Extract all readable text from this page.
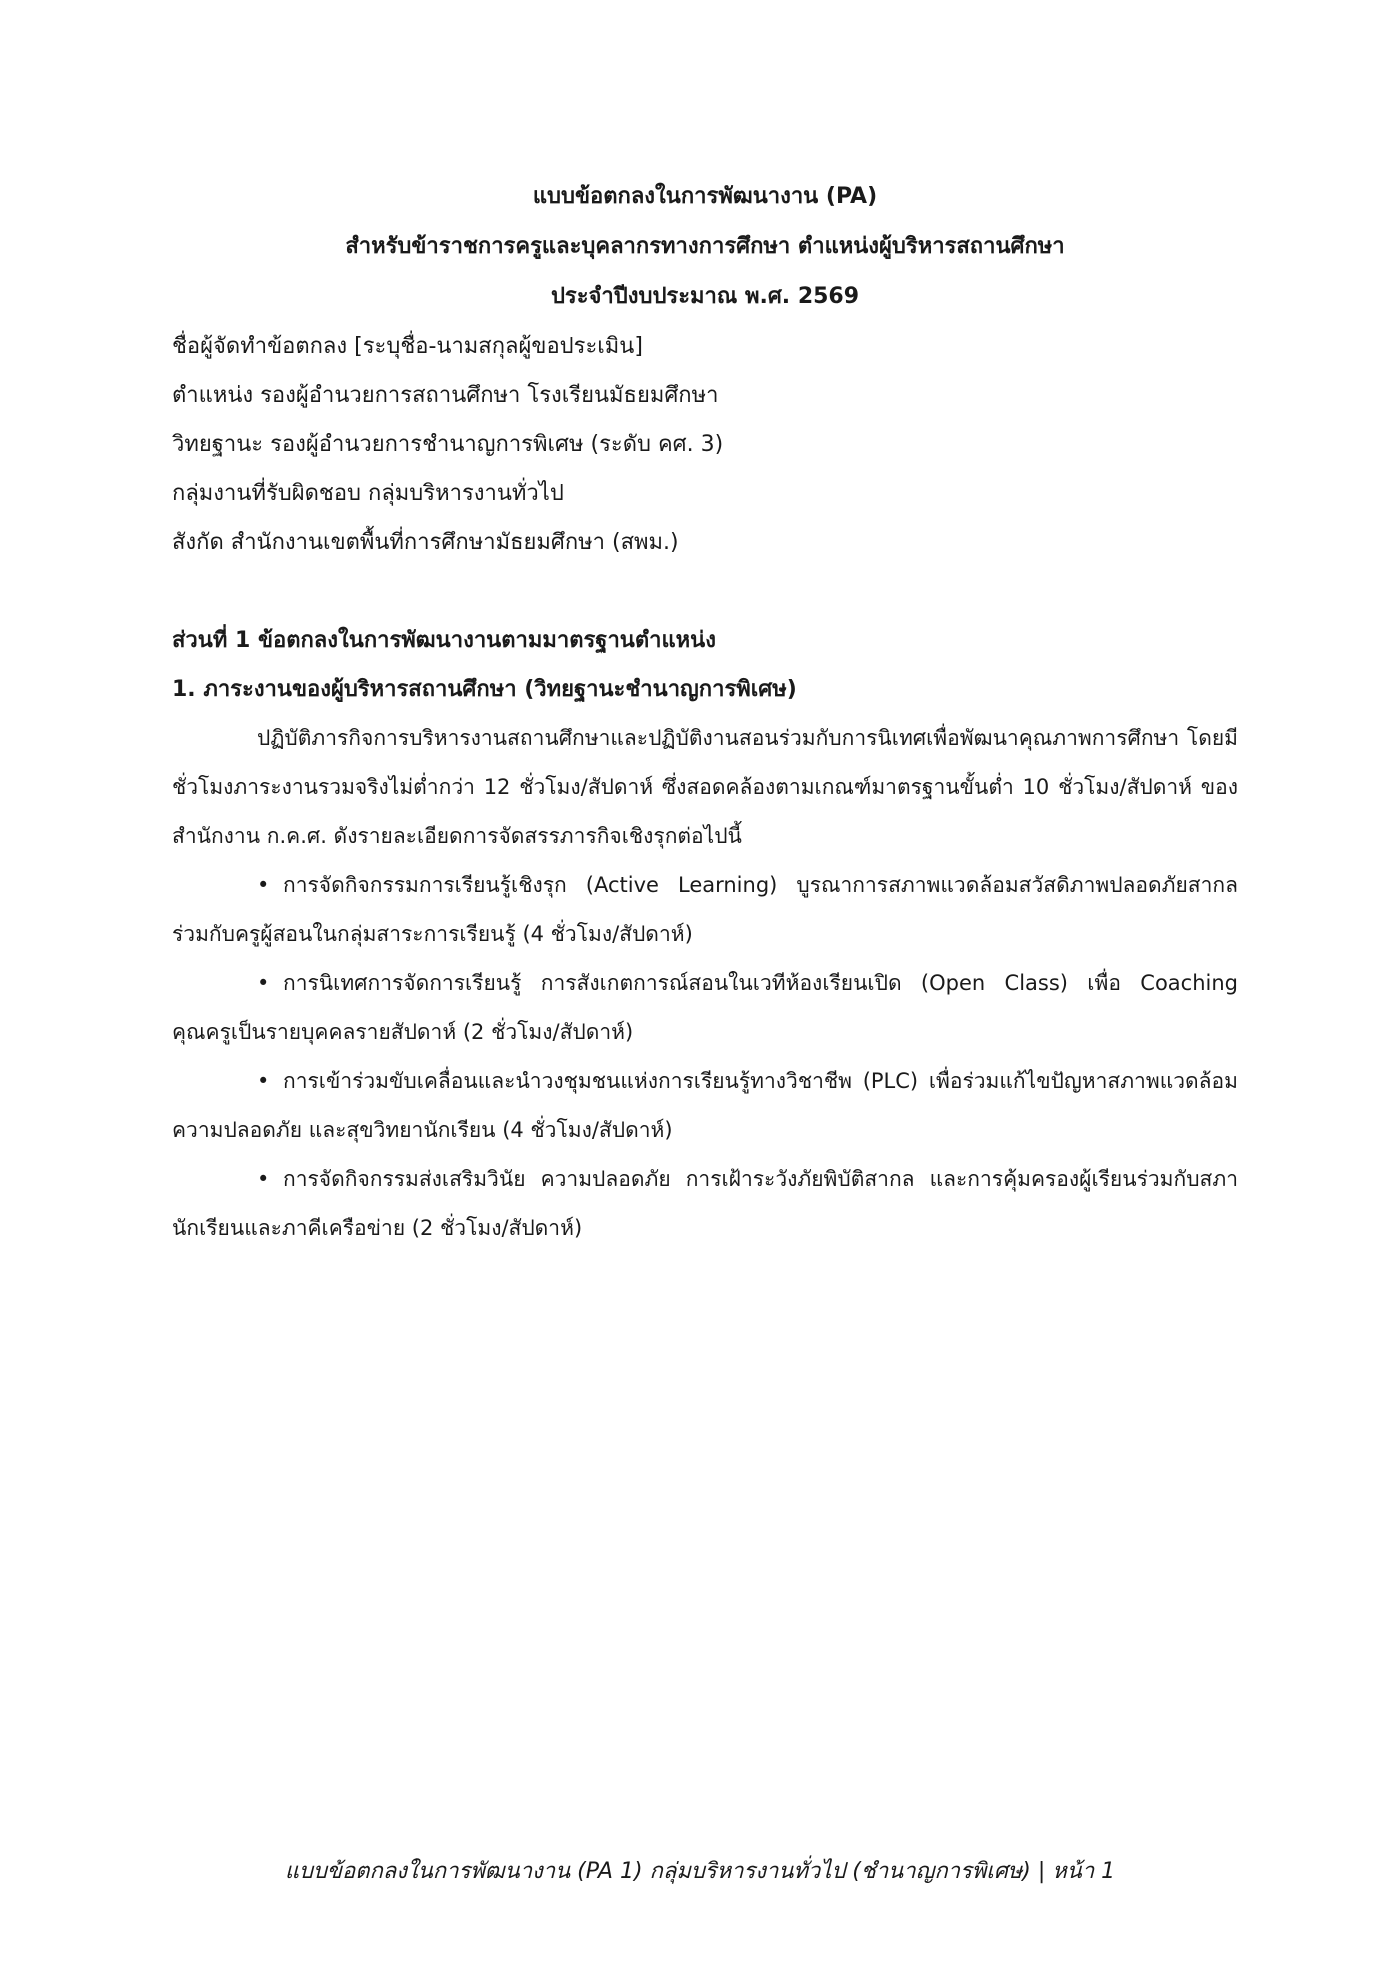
แบบข้อตกลงในการพัฒนางาน (PA)

สำหรับข้าราชการครูและบุคลากรทางการศึกษา ตำแหน่งผู้บริหารสถานศึกษา

ประจำปีงบประมาณ พ.ศ. 2569

ชื่อผู้จัดทำข้อตกลง [ระบุชื่อ-นามสกุลผู้ขอประเมิน]

ตำแหน่ง รองผู้อำนวยการสถานศึกษา โรงเรียนมัธยมศึกษา

วิทยฐานะ รองผู้อำนวยการชำนาญการพิเศษ (ระดับ คศ. 3)

กลุ่มงานที่รับผิดชอบ กลุ่มบริหารงานทั่วไป

สังกัด สำนักงานเขตพื้นที่การศึกษามัธยมศึกษา (สพม.)

ส่วนที่ 1 ข้อตกลงในการพัฒนางานตามมาตรฐานตำแหน่ง

1. ภาระงานของผู้บริหารสถานศึกษา (วิทยฐานะชำนาญการพิเศษ)

ปฏิบัติภารกิจการบริหารงานสถานศึกษาและปฏิบัติงานสอนร่วมกับการนิเทศเพื่อพัฒนาคุณภาพการศึกษา โดยมีชั่วโมงภาระงานรวมจริงไม่ต่ำกว่า 12 ชั่วโมง/สัปดาห์ ซึ่งสอดคล้องตามเกณฑ์มาตรฐานขั้นต่ำ 10 ชั่วโมง/สัปดาห์ ของสำนักงาน ก.ค.ศ. ดังรายละเอียดการจัดสรรภารกิจเชิงรุกต่อไปนี้

• การจัดกิจกรรมการเรียนรู้เชิงรุก (Active Learning) บูรณาการสภาพแวดล้อมสวัสดิภาพปลอดภัยสากล ร่วมกับครูผู้สอนในกลุ่มสาระการเรียนรู้ (4 ชั่วโมง/สัปดาห์)

• การนิเทศการจัดการเรียนรู้ การสังเกตการณ์สอนในเวทีห้องเรียนเปิด (Open Class) เพื่อ Coaching คุณครูเป็นรายบุคคลรายสัปดาห์ (2 ชั่วโมง/สัปดาห์)

• การเข้าร่วมขับเคลื่อนและนำวงชุมชนแห่งการเรียนรู้ทางวิชาชีพ (PLC) เพื่อร่วมแก้ไขปัญหาสภาพแวดล้อม ความปลอดภัย และสุขวิทยานักเรียน (4 ชั่วโมง/สัปดาห์)

• การจัดกิจกรรมส่งเสริมวินัย ความปลอดภัย การเฝ้าระวังภัยพิบัติสากล และการคุ้มครองผู้เรียนร่วมกับสภานักเรียนและภาคีเครือข่าย (2 ชั่วโมง/สัปดาห์)

แบบข้อตกลงในการพัฒนางาน (PA 1) กลุ่มบริหารงานทั่วไป (ชำนาญการพิเศษ) | หน้า 1
